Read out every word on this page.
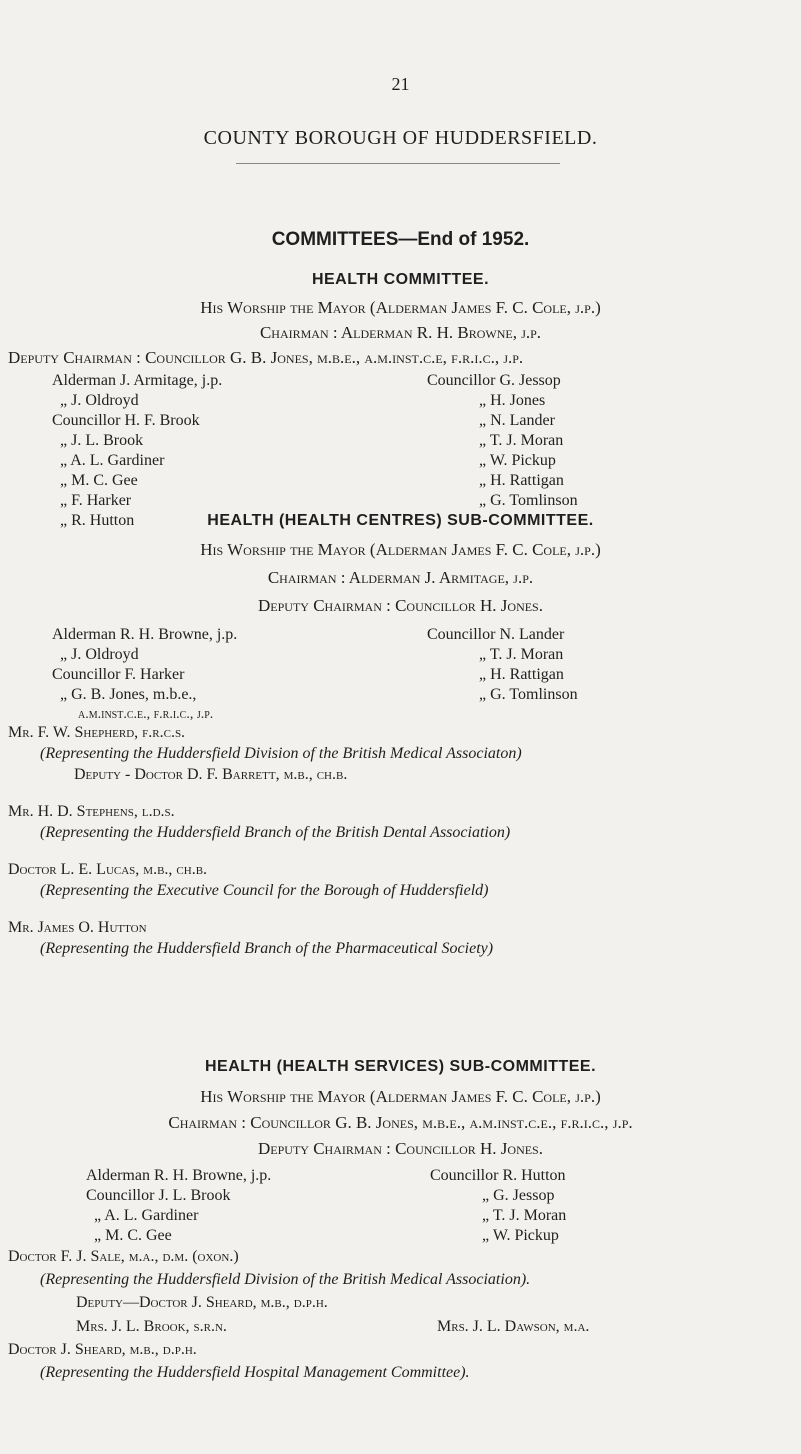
21
COUNTY BOROUGH OF HUDDERSFIELD.
COMMITTEES—End of 1952.
HEALTH COMMITTEE.
His Worship the Mayor (Alderman James F. C. Cole, j.p.)
Chairman : Alderman R. H. Browne, j.p.
Deputy Chairman : Councillor G. B. Jones, m.b.e., a.m.inst.c.e, f.r.i.c., j.p.
Alderman J. Armitage, j.p.
„ J. Oldroyd
Councillor H. F. Brook
„ J. L. Brook
„ A. L. Gardiner
„ M. C. Gee
„ F. Harker
„ R. Hutton
Councillor G. Jessop
„ H. Jones
„ N. Lander
„ T. J. Moran
„ W. Pickup
„ H. Rattigan
„ G. Tomlinson
HEALTH (HEALTH CENTRES) SUB-COMMITTEE.
His Worship the Mayor (Alderman James F. C. Cole, j.p.)
Chairman : Alderman J. Armitage, j.p.
Deputy Chairman : Councillor H. Jones.
Alderman R. H. Browne, j.p.
„ J. Oldroyd
Councillor F. Harker
„ G. B. Jones, m.b.e.,
a.m.inst.c.e., f.r.i.c., j.p.
Councillor N. Lander
„ T. J. Moran
„ H. Rattigan
„ G. Tomlinson
Mr. F. W. Shepherd, f.r.c.s.
(Representing the Huddersfield Division of the British Medical Associaton)
Deputy - Doctor D. F. Barrett, m.b., ch.b.
Mr. H. D. Stephens, l.d.s.
(Representing the Huddersfield Branch of the British Dental Association)
Doctor L. E. Lucas, m.b., ch.b.
(Representing the Executive Council for the Borough of Huddersfield)
Mr. James O. Hutton
(Representing the Huddersfield Branch of the Pharmaceutical Society)
HEALTH (HEALTH SERVICES) SUB-COMMITTEE.
His Worship the Mayor (Alderman James F. C. Cole, j.p.)
Chairman : Councillor G. B. Jones, m.b.e., a.m.inst.c.e., f.r.i.c., j.p.
Deputy Chairman : Councillor H. Jones.
Alderman R. H. Browne, j.p.
Councillor J. L. Brook
„ A. L. Gardiner
„ M. C. Gee
Councillor R. Hutton
„ G. Jessop
„ T. J. Moran
„ W. Pickup
Doctor F. J. Sale, m.a., d.m. (oxon.)
(Representing the Huddersfield Division of the British Medical Association).
Deputy—Doctor J. Sheard, m.b., d.p.h.
Mrs. J. L. Brook, s.r.n.	Mrs. J. L. Dawson, m.a.
Doctor J. Sheard, m.b., d.p.h.
(Representing the Huddersfield Hospital Management Committee).
